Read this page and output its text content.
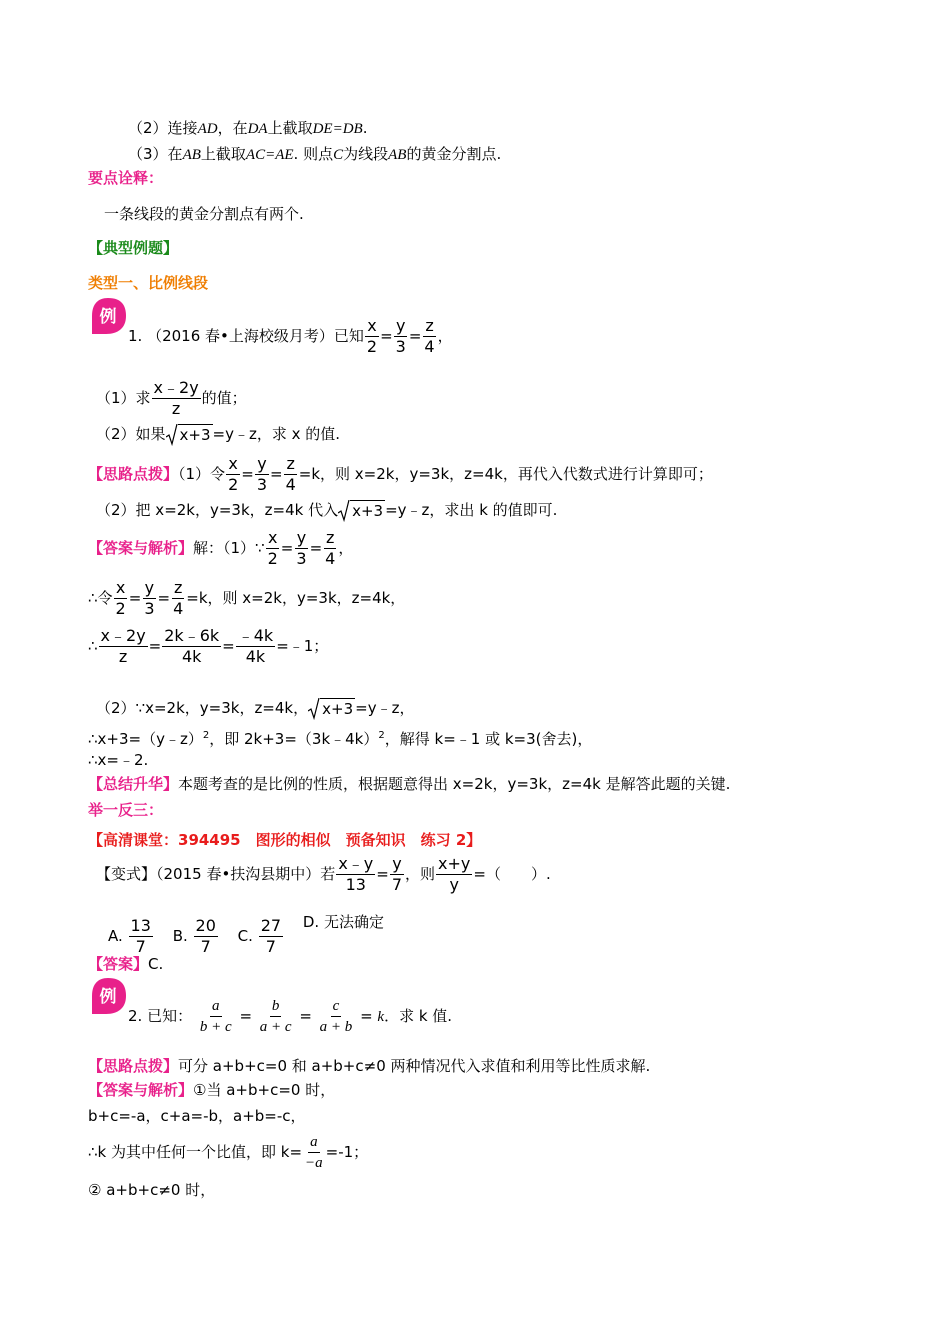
（2）连接AD，在DA上截取DE=DB.
（3）在AB上截取AC=AE. 则点C为线段AB的黄金分割点.
要点诠释：
一条线段的黄金分割点有两个.
【典型例题】
类型一、比例线段
例
1. （2016 春•上海校级月考）已知 $\frac{x}{2} = \frac{y}{3} = \frac{z}{4}$ ，
（1）求 $\frac{x﹣2y}{z}$ 的值；
（2）如果 x+3 =y﹣z，求 x 的值.
【思路点拨】（1）令 $\frac{x}{2} = \frac{y}{3} = \frac{z}{4} =k$，则 x=2k，y=3k，z=4k，再代入代数式进行计算即可；
（2）把 x=2k，y=3k，z=4k 代入 x+3 =y﹣z，求出 k 的值即可.
【答案与解析】解：（1）∵ $\frac{x}{2} = \frac{y}{3} = \frac{z}{4}$ ，
∴令 $\frac{x}{2} = \frac{y}{3} = \frac{z}{4} =k$，则 x=2k，y=3k，z=4k，
∴ $\frac{x﹣2y}{z} = \frac{2k﹣6k}{4k} = \frac{﹣4k}{4k}$ =﹣1；
（2）∵x=2k，y=3k，z=4k， x+3 =y﹣z，
∴x+3=（y﹣z）$^2$，即 2k+3=（3k﹣4k）$^2$，解得 k=﹣1 或 k=3(舍去)，
∴x=﹣2.
【总结升华】本题考查的是比例的性质，根据题意得出 x=2k，y=3k，z=4k 是解答此题的关键.
举一反三：
【高清课堂：394495　图形的相似　预备知识　练习 2】
【变式】（2015 春•扶沟县期中）若 $\frac{x﹣y}{13} = \frac{y}{7}$ ，则 $\frac{x+y}{y}$ =（　　）.
A. $\frac{13}{7} B$. $\frac{20}{7} C$. $\frac{27}{7} D$. 无法确定
【答案】C.
例
2. 已知： $\frac{a}{b + c} = \frac{b}{a + c} = \frac{c}{a + b} = k$．求 k 值.
【思路点拨】可分 a+b+c=0 和 a+b+c≠0 两种情况代入求值和利用等比性质求解.
【答案与解析】①当 a+b+c=0 时，
b+c=-a，c+a=-b，a+b=-c，
∴k 为其中任何一个比值，即 $k= \frac{a}{-a} =-1$；
② a+b+c≠0 时，
